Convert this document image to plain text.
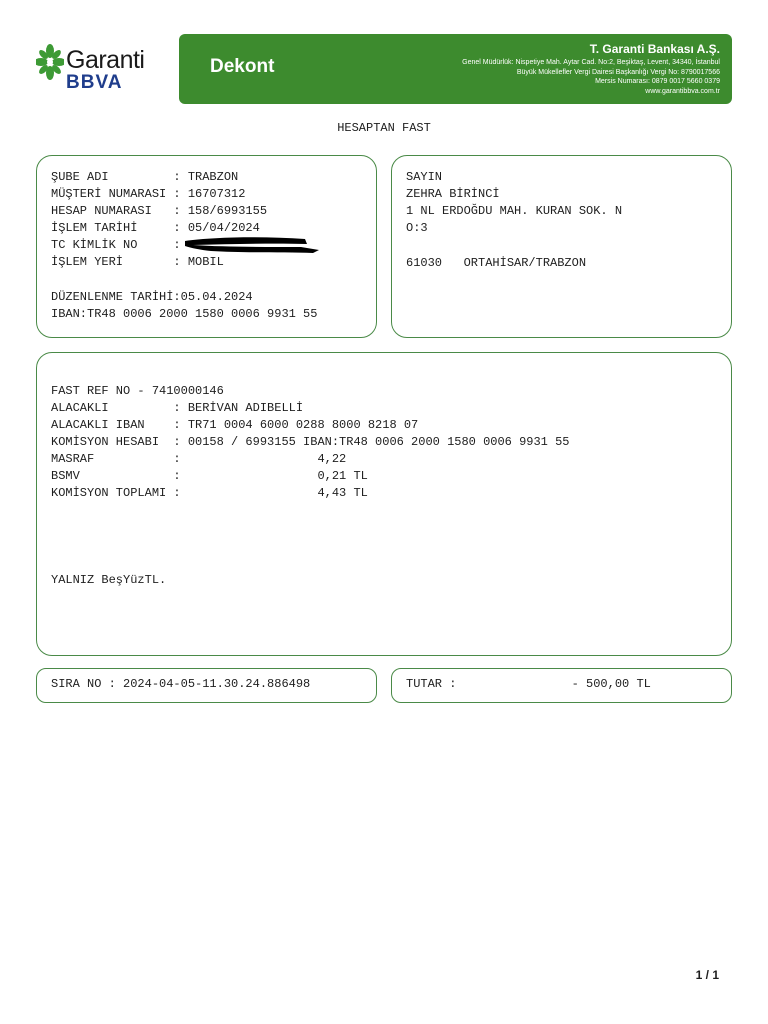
Garanti
BBVA
Dekont
T. Garanti Bankası A.Ş.
Genel Müdürlük: Nispetiye Mah. Aytar Cad. No:2, Beşiktaş, Levent, 34340, İstanbul
Büyük Mükellefler Vergi Dairesi Başkanlığı Vergi No: 8790017566
Mersis Numarası: 0879 0017 5660 0379
www.garantibbva.com.tr
HESAPTAN FAST
ŞUBE ADI         : TRABZON
MÜŞTERİ NUMARASI : 16707312
HESAP NUMARASI   : 158/6993155
İŞLEM TARİHİ     : 05/04/2024
TC KİMLİK NO     :
İŞLEM YERİ       : MOBIL
DÜZENLENME TARİHİ:05.04.2024
IBAN:TR48 0006 2000 1580 0006 9931 55
SAYIN
ZEHRA BİRİNCİ
1 NL ERDOĞDU MAH. KURAN SOK. N
O:3
61030   ORTAHİSAR/TRABZON
FAST REF NO - 7410000146
ALACAKLI         : BERİVAN ADIBELLİ
ALACAKLI IBAN    : TR71 0004 6000 0288 8000 8218 07
KOMİSYON HESABI  : 00158 / 6993155 IBAN:TR48 0006 2000 1580 0006 9931 55
MASRAF           :                   4,22
BSMV             :                   0,21 TL
KOMİSYON TOPLAMI :                   4,43 TL
YALNIZ BeşYüzTL.
SIRA NO : 2024-04-05-11.30.24.886498	TUTAR :                - 500,00 TL
1 / 1
